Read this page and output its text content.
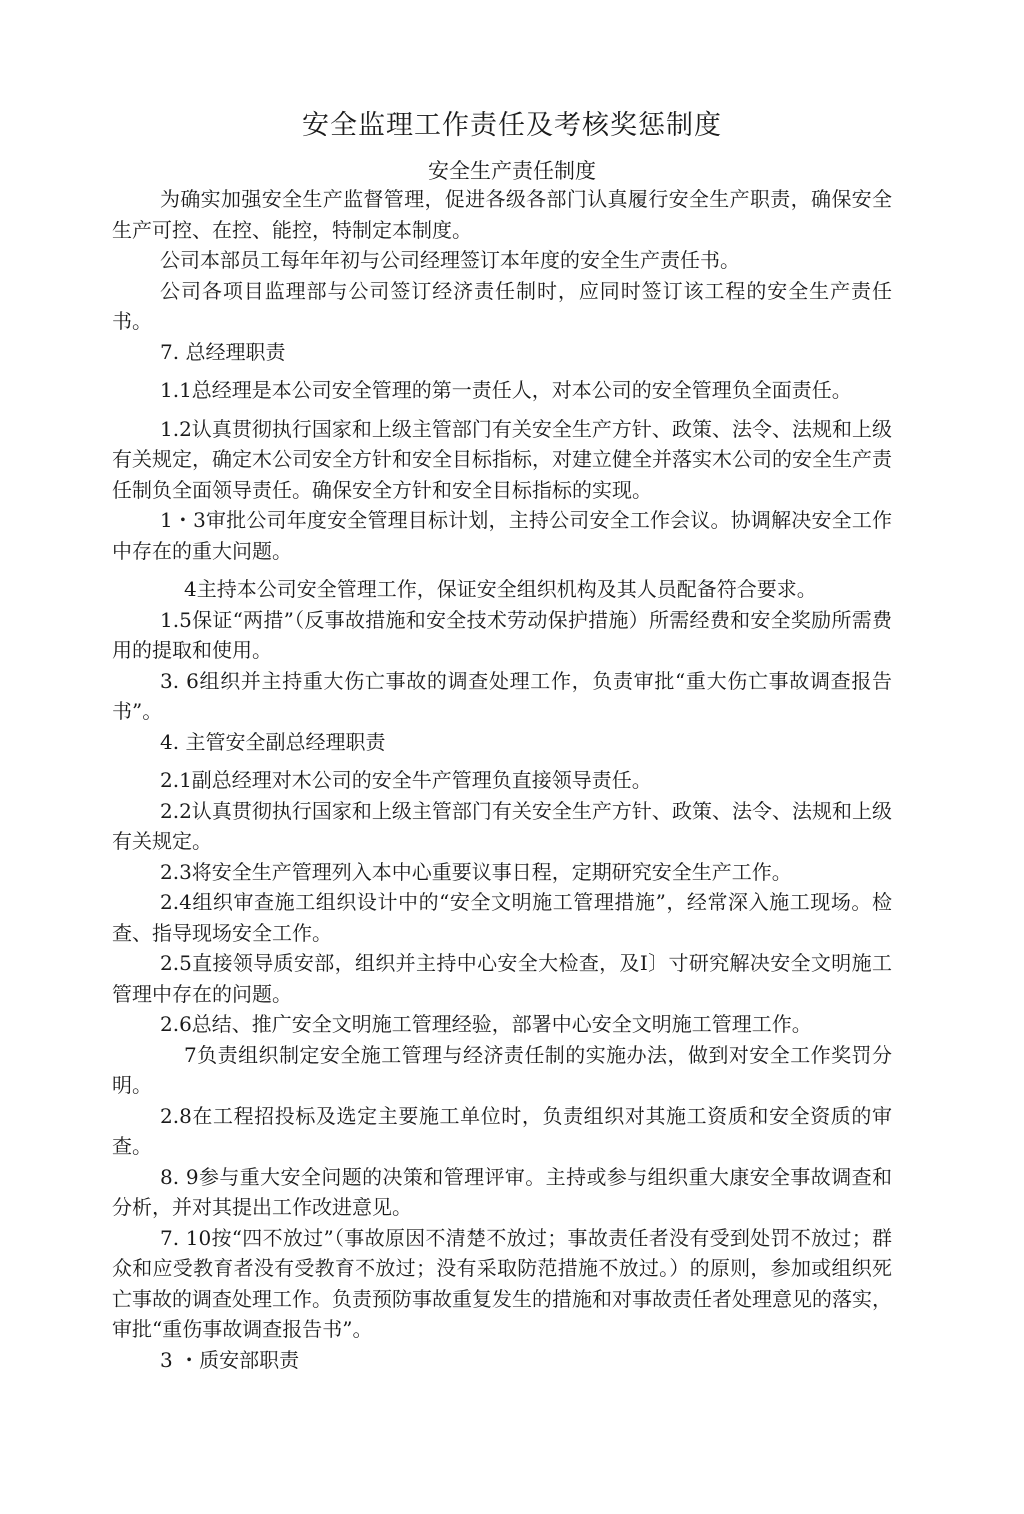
安全监理工作责任及考核奖惩制度
安全生产责任制度

为确实加强安全生产监督管理，促进各级各部门认真履行安全生产职责，确保安全生产可控、在控、能控，特制定本制度。

公司本部员工每年年初与公司经理签订本年度的安全生产责任书。

公司各项目监理部与公司签订经济责任制时，应同时签订该工程的安全生产责任书。

7. 总经理职责

1.1总经理是本公司安全管理的第一责任人，对本公司的安全管理负全面责任。

1.2认真贯彻执行国家和上级主管部门有关安全生产方针、政策、法令、法规和上级有关规定，确定木公司安全方针和安全目标指标，对建立健全并落实木公司的安全生产责任制负全面领导责任。确保安全方针和安全目标指标的实现。

1・3审批公司年度安全管理目标计划，主持公司安全工作会议。协调解决安全工作中存在的重大问题。

4主持本公司安全管理工作，保证安全组织机构及其人员配备符合要求。

1.5保证“两措”（反事故措施和安全技术劳动保护措施）所需经费和安全奖励所需费用的提取和使用。

3. 6组织并主持重大伤亡事故的调查处理工作，负责审批“重大伤亡事故调查报告书”。

4. 主管安全副总经理职责

2.1副总经理对木公司的安全牛产管理负直接领导责任。

2.2认真贯彻执行国家和上级主管部门有关安全生产方针、政策、法令、法规和上级有关规定。

2.3将安全生产管理列入本中心重要议事日程，定期研究安全生产工作。

2.4组织审查施工组织设计中的“安全文明施工管理措施”，经常深入施工现场。检查、指导现场安全工作。

2.5直接领导质安部，组织并主持中心安全大检查，及I〕寸研究解决安全文明施工管理中存在的问题。

2.6总结、推广安全文明施工管理经验，部署中心安全文明施工管理工作。

7负责组织制定安全施工管理与经济责任制的实施办法，做到对安全工作奖罚分明。

2.8在工程招投标及选定主要施工单位时，负责组织对其施工资质和安全资质的审查。

8. 9参与重大安全问题的决策和管理评审。主持或参与组织重大康安全事故调查和分析，并对其提出工作改进意见。

7. 10按“四不放过”（事故原因不清楚不放过；事故责任者没有受到处罚不放过；群众和应受教育者没有受教育不放过；没有采取防范措施不放过。）的原则，参加或组织死亡事故的调查处理工作。负责预防事故重复发生的措施和对事故责任者处理意见的落实，审批“重伤事故调查报告书”。

3 ・质安部职责
